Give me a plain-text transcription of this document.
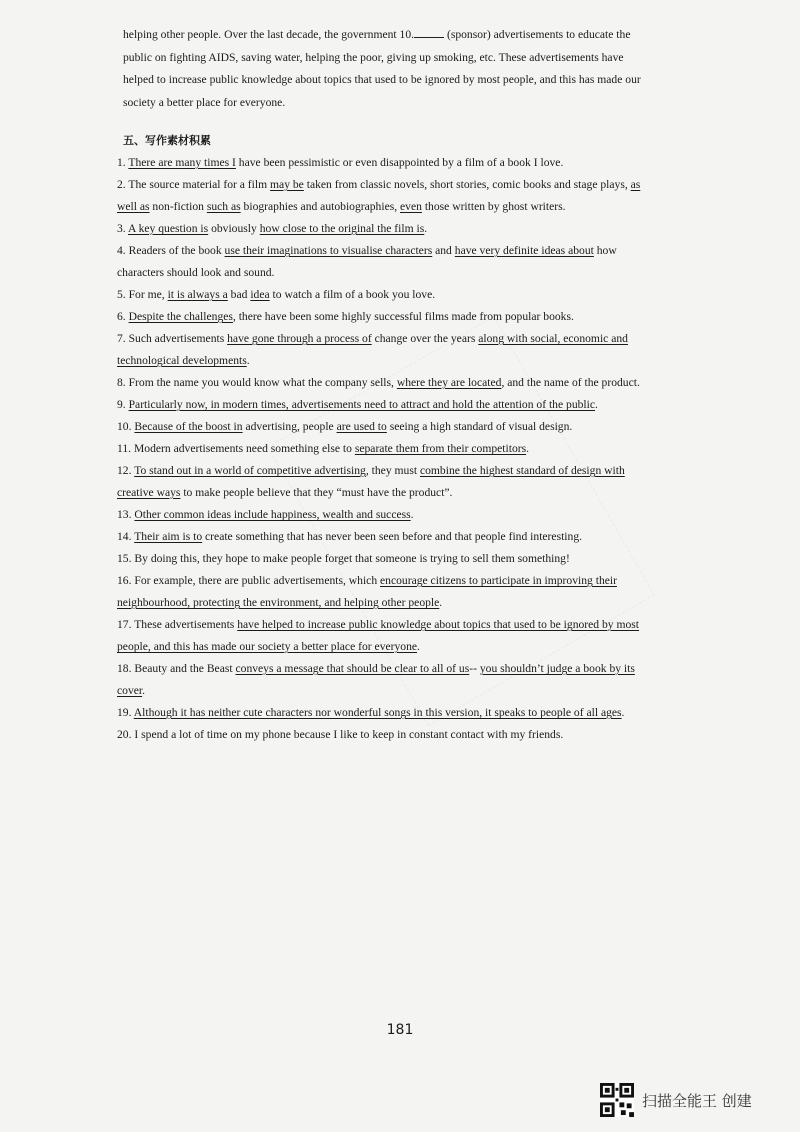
helping other people. Over the last decade, the government 10.	(sponsor) advertisements to educate the
public on fighting AIDS, saving water, helping the poor, giving up smoking, etc. These advertisements have
helped to increase public knowledge about topics that used to be ignored by most people, and this has made our
society a better place for everyone.
五、写作素材积累
1. There are many times I have been pessimistic or even disappointed by a film of a book I love.
2. The source material for a film may be taken from classic novels, short stories, comic books and stage plays, as
well as non-fiction such as biographies and autobiographies, even those written by ghost writers.
3. A key question is obviously how close to the original the film is.
4. Readers of the book use their imaginations to visualise characters and have very definite ideas about how
characters should look and sound.
5. For me, it is always a bad idea to watch a film of a book you love.
6. Despite the challenges, there have been some highly successful films made from popular books.
7. Such advertisements have gone through a process of change over the years along with social, economic and
technological developments.
8. From the name you would know what the company sells, where they are located, and the name of the product.
9. Particularly now, in modern times, advertisements need to attract and hold the attention of the public.
10. Because of the boost in advertising, people are used to seeing a high standard of visual design.
11. Modern advertisements need something else to separate them from their competitors.
12. To stand out in a world of competitive advertising, they must combine the highest standard of design with
creative ways to make people believe that they “must have the product”.
13. Other common ideas include happiness, wealth and success.
14. Their aim is to create something that has never been seen before and that people find interesting.
15. By doing this, they hope to make people forget that someone is trying to sell them something!
16. For example, there are public advertisements, which encourage citizens to participate in improving their
neighbourhood, protecting the environment, and helping other people.
17. These advertisements have helped to increase public knowledge about topics that used to be ignored by most
people, and this has made our society a better place for everyone.
18. Beauty and the Beast conveys a message that should be clear to all of us-- you shouldn’t judge a book by its
cover.
19. Although it has neither cute characters nor wonderful songs in this version, it speaks to people of all ages.
20. I spend a lot of time on my phone because I like to keep in constant contact with my friends.
181
扫描全能王 创建
